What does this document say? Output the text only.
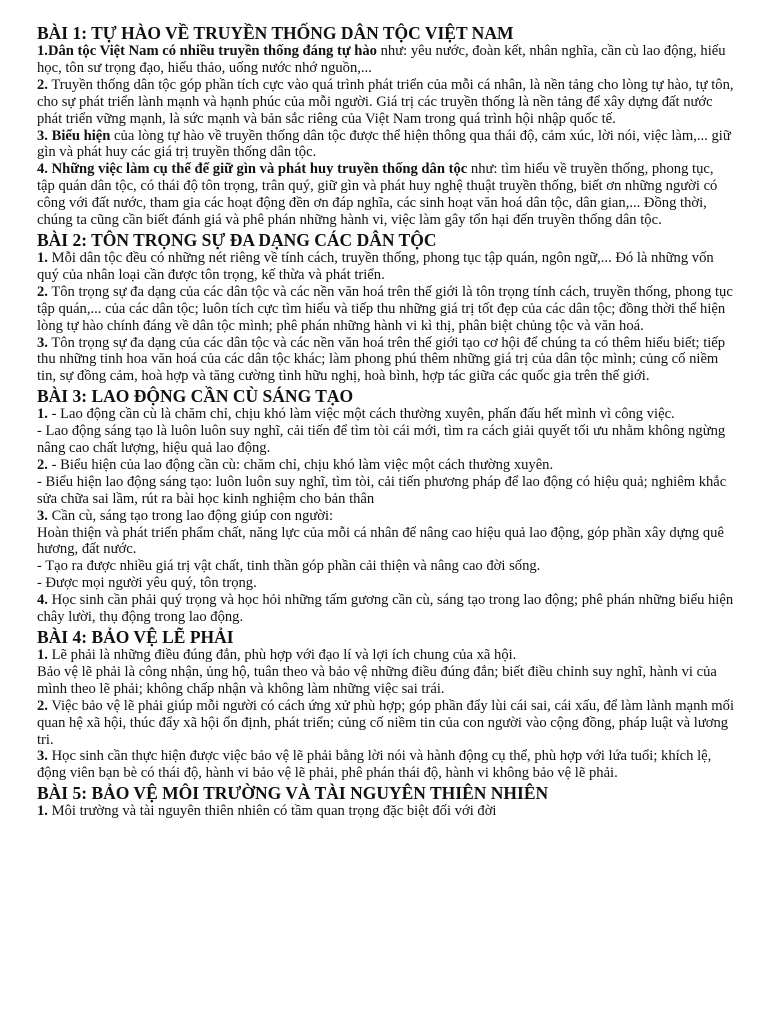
BÀI 1: TỰ HÀO VỀ TRUYỀN THỐNG DÂN TỘC VIỆT NAM

1.Dân tộc Việt Nam có nhiều truyền thống đáng tự hào như: yêu nước, đoàn kết, nhân nghĩa, cần cù lao động, hiếu học, tôn sư trọng đạo, hiếu thảo, uống nước nhớ nguồn,...

2. Truyền thống dân tộc góp phần tích cực vào quá trình phát triển của mỗi cá nhân, là nền tảng cho lòng tự hào, tự tôn, cho sự phát triển lành mạnh và hạnh phúc của mỗi người. Giá trị các truyền thống là nền tảng để xây dựng đất nước phát triển vững mạnh, là sức mạnh và bản sắc riêng của Việt Nam trong quá trình hội nhập quốc tế.

3. Biểu hiện của lòng tự hào về truyền thống dân tộc được thể hiện thông qua thái độ, cảm xúc, lời nói, việc làm,... giữ gìn và phát huy các giá trị truyền thống dân tộc.

4. Những việc làm cụ thể để giữ gìn và phát huy truyền thống dân tộc như: tìm hiểu về truyền thống, phong tục, tập quán dân tộc, có thái độ tôn trọng, trân quý, giữ gìn và phát huy nghệ thuật truyền thống, biết ơn những người có công với đất nước, tham gia các hoạt động đền ơn đáp nghĩa, các sinh hoạt văn hoá dân tộc, dân gian,... Đồng thời, chúng ta cũng cần biết đánh giá và phê phán những hành vi, việc làm gây tổn hại đến truyền thống dân tộc.

BÀI 2: TÔN TRỌNG SỰ ĐA DẠNG CÁC DÂN TỘC

1. Mỗi dân tộc đều có những nét riêng về tính cách, truyền thống, phong tục tập quán, ngôn ngữ,... Đó là những vốn quý của nhân loại cần được tôn trọng, kế thừa và phát triển.

2. Tôn trọng sự đa dạng của các dân tộc và các nền văn hoá trên thế giới là tôn trọng tính cách, truyền thống, phong tục tập quán,... của các dân tộc; luôn tích cực tìm hiểu và tiếp thu những giá trị tốt đẹp của các dân tộc; đồng thời thể hiện lòng tự hào chính đáng về dân tộc mình; phê phán những hành vi kì thị, phân biệt chủng tộc và văn hoá.

3. Tôn trọng sự đa dạng của các dân tộc và các nền văn hoá trên thế giới tạo cơ hội để chúng ta có thêm hiểu biết; tiếp thu những tinh hoa văn hoá của các dân tộc khác; làm phong phú thêm những giá trị của dân tộc mình; củng cố niềm tin, sự đồng cảm, hoà hợp và tăng cường tình hữu nghị, hoà bình, hợp tác giữa các quốc gia trên thế giới.

BÀI 3: LAO ĐỘNG CẦN CÙ SÁNG TẠO

1. - Lao động cần cù là chăm chỉ, chịu khó làm việc một cách thường xuyên, phấn đấu hết mình vì công việc.

- Lao động sáng tạo là luôn luôn suy nghĩ, cải tiến để tìm tòi cái mới, tìm ra cách giải quyết tối ưu nhằm không ngừng nâng cao chất lượng, hiệu quả lao động.

2. - Biểu hiện của lao động cần cù: chăm chỉ, chịu khó làm việc một cách thường xuyên.

- Biểu hiện lao động sáng tạo: luôn luôn suy nghĩ, tìm tòi, cải tiến phương pháp để lao động có hiệu quả; nghiêm khắc sửa chữa sai lầm, rút ra bài học kinh nghiệm cho bản thân

3. Cần cù, sáng tạo trong lao động giúp con người:

Hoàn thiện và phát triển phẩm chất, năng lực của mỗi cá nhân để nâng cao hiệu quả lao động, góp phần xây dựng quê hương, đất nước.

- Tạo ra được nhiều giá trị vật chất, tinh thần góp phần cải thiện và nâng cao đời sống.

- Được mọi người yêu quý, tôn trọng.

4. Học sinh cần phải quý trọng và học hỏi những tấm gương cần cù, sáng tạo trong lao động; phê phán những biểu hiện chây lười, thụ động trong lao động.

BÀI 4: BẢO VỆ LẼ PHẢI

1. Lẽ phải là những điều đúng đắn, phù hợp với đạo lí và lợi ích chung của xã hội.

Bảo vệ lẽ phải là công nhận, ủng hộ, tuân theo và bảo vệ những điều đúng đắn; biết điều chỉnh suy nghĩ, hành vi của mình theo lẽ phải; không chấp nhận và không làm những việc sai trái.

2. Việc bảo vệ lẽ phải giúp mỗi người có cách ứng xử phù hợp; góp phần đẩy lùi cái sai, cái xấu, để làm lành mạnh mối quan hệ xã hội, thúc đẩy xã hội ổn định, phát triển; củng cố niềm tin của con người vào cộng đồng, pháp luật và lương tri.

3. Học sinh cần thực hiện được việc bảo vệ lẽ phải bằng lời nói và hành động cụ thể, phù hợp với lứa tuổi; khích lệ, động viên bạn bè có thái độ, hành vi bảo vệ lẽ phải, phê phán thái độ, hành vi không bảo vệ lẽ phải.

BÀI 5: BẢO VỆ MÔI TRƯỜNG VÀ TÀI NGUYÊN THIÊN NHIÊN

1. Môi trường và tài nguyên thiên nhiên có tầm quan trọng đặc biệt đối với đời
